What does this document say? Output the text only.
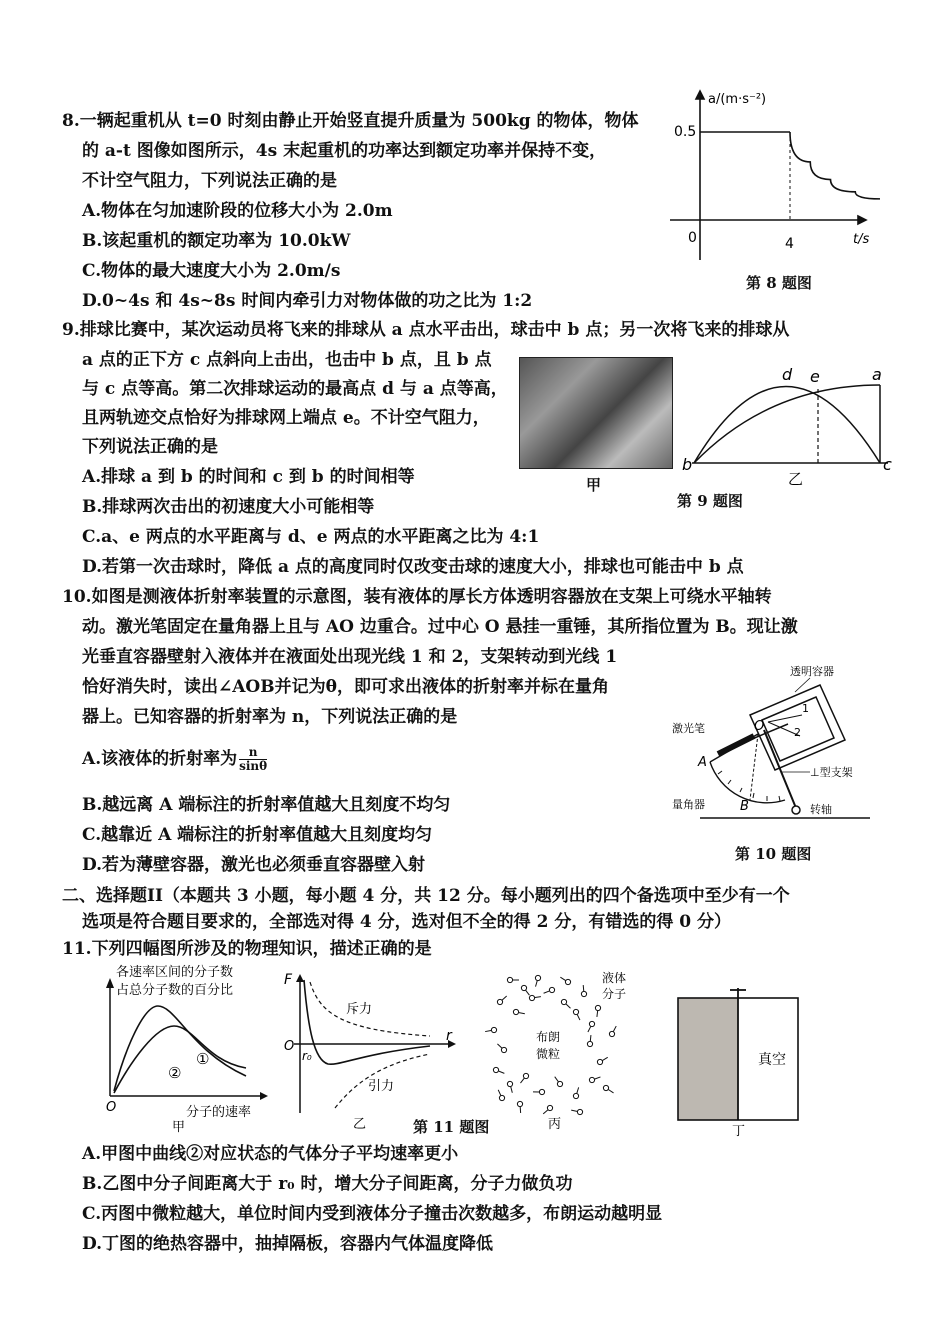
8.一辆起重机从 t=0 时刻由静止开始竖直提升质量为 500kg 的物体，物体
的 a-t 图像如图所示，4s 末起重机的功率达到额定功率并保持不变，
不计空气阻力，下列说法正确的是
A.物体在匀加速阶段的位移大小为 2.0m
B.该起重机的额定功率为 10.0kW
C.物体的最大速度大小为 2.0m/s
D.0~4s 和 4s~8s 时间内牵引力对物体做的功之比为 1:2
a/(m·s⁻²)
t/s
0.5
4
0
第 8 题图
9.排球比赛中，某次运动员将飞来的排球从 a 点水平击出，球击中 b 点；另一次将飞来的排球从
a 点的正下方 c 点斜向上击出，也击中 b 点，且 b 点
与 c 点等高。第二次排球运动的最高点 d 与 a 点等高，
且两轨迹交点恰好为排球网上端点 e。不计空气阻力，
下列说法正确的是
A.排球 a 到 b 的时间和 c 到 b 的时间相等
B.排球两次击出的初速度大小可能相等
C.a、e 两点的水平距离与 d、e 两点的水平距离之比为 4:1
D.若第一次击球时，降低 a 点的高度同时仅改变击球的速度大小，排球也可能击中 b 点
甲
d e	a
b	c
乙
第 9 题图
10.如图是测液体折射率装置的示意图，装有液体的厚长方体透明容器放在支架上可绕水平轴转
动。激光笔固定在量角器上且与 AO 边重合。过中心 O 悬挂一重锤，其所指位置为 B。现让激
光垂直容器壁射入液体并在液面处出现光线 1 和 2，支架转动到光线 1
恰好消失时，读出∠AOB并记为θ，即可求出液体的折射率并标在量角
器上。已知容器的折射率为 n，下列说法正确的是
A.该液体的折射率为 $\frac{n}{\sin\theta}$
B.越远离 A 端标注的折射率值越大且刻度不均匀
C.越靠近 A 端标注的折射率值越大且刻度均匀
D.若为薄壁容器，激光也必须垂直容器壁入射
透明容器
激光笔
⊥型支架
量角器	转轴
O
A
B
1
2
第 10 题图
二、选择题II（本题共 3 小题，每小题 4 分，共 12 分。每小题列出的四个备选项中至少有一个
选项是符合题目要求的，全部选对得 4 分，选对但不全的得 2 分，有错选的得 0 分）
11.下列四幅图所涉及的物理知识，描述正确的是
各速率区间的分子数
占总分子数的百分比
①
②
O	分子的速率
甲
F
r
O
r₀
斥力
引力
乙	第 11 题图
液体
分子
布朗
微粒
丙
真空
丁
A.甲图中曲线②对应状态的气体分子平均速率更小
B.乙图中分子间距离大于 r₀ 时，增大分子间距离，分子力做负功
C.丙图中微粒越大，单位时间内受到液体分子撞击次数越多，布朗运动越明显
D.丁图的绝热容器中，抽掉隔板，容器内气体温度降低
